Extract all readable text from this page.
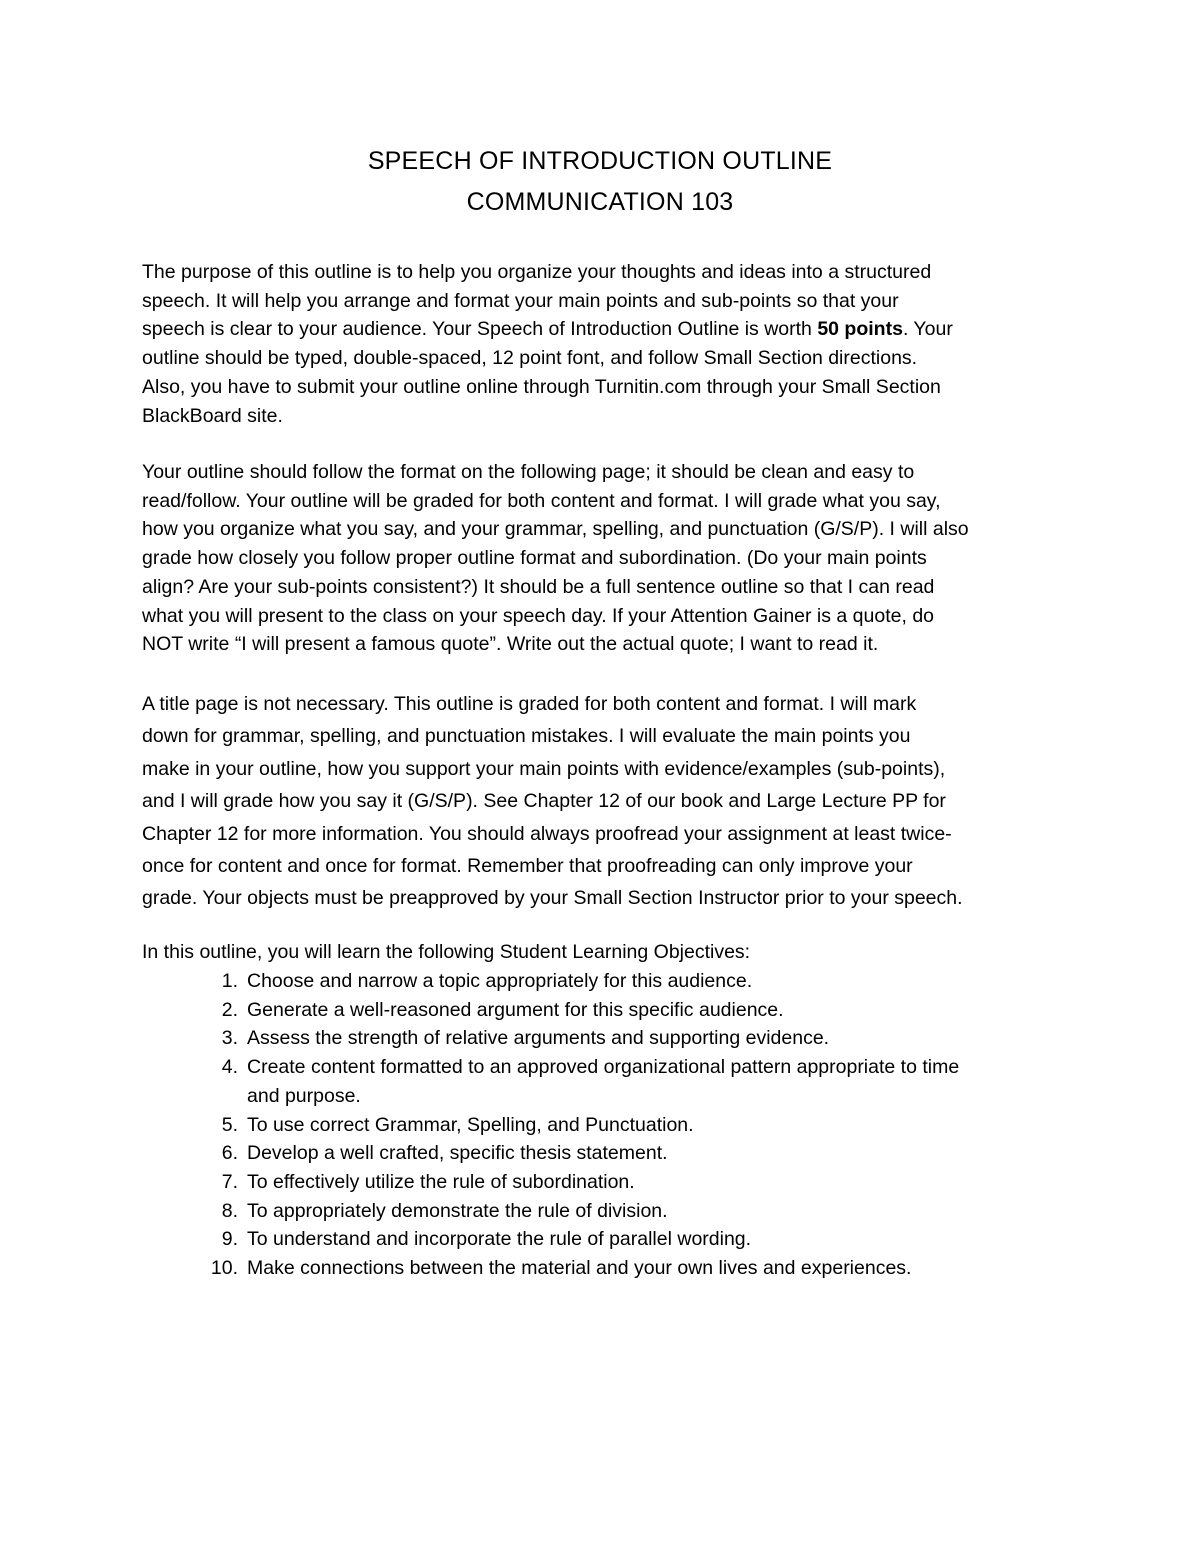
SPEECH OF INTRODUCTION OUTLINE
COMMUNICATION 103

The purpose of this outline is to help you organize your thoughts and ideas into a structured
speech. It will help you arrange and format your main points and sub-points so that your
speech is clear to your audience. Your Speech of Introduction Outline is worth 50 points. Your
outline should be typed, double-spaced, 12 point font, and follow Small Section directions.
Also, you have to submit your outline online through Turnitin.com through your Small Section
BlackBoard site.

Your outline should follow the format on the following page; it should be clean and easy to
read/follow. Your outline will be graded for both content and format. I will grade what you say,
how you organize what you say, and your grammar, spelling, and punctuation (G/S/P). I will also
grade how closely you follow proper outline format and subordination. (Do your main points
align? Are your sub-points consistent?) It should be a full sentence outline so that I can read
what you will present to the class on your speech day. If your Attention Gainer is a quote, do
NOT write “I will present a famous quote”. Write out the actual quote; I want to read it.

A title page is not necessary. This outline is graded for both content and format. I will mark
down for grammar, spelling, and punctuation mistakes. I will evaluate the main points you
make in your outline, how you support your main points with evidence/examples (sub-points),
and I will grade how you say it (G/S/P). See Chapter 12 of our book and Large Lecture PP for
Chapter 12 for more information. You should always proofread your assignment at least twice-
once for content and once for format. Remember that proofreading can only improve your
grade. Your objects must be preapproved by your Small Section Instructor prior to your speech.

In this outline, you will learn the following Student Learning Objectives:

1. Choose and narrow a topic appropriately for this audience.
2. Generate a well-reasoned argument for this specific audience.
3. Assess the strength of relative arguments and supporting evidence.
4. Create content formatted to an approved organizational pattern appropriate to time
and purpose.
5. To use correct Grammar, Spelling, and Punctuation.
6. Develop a well crafted, specific thesis statement.
7. To effectively utilize the rule of subordination.
8. To appropriately demonstrate the rule of division.
9. To understand and incorporate the rule of parallel wording.
10. Make connections between the material and your own lives and experiences.
